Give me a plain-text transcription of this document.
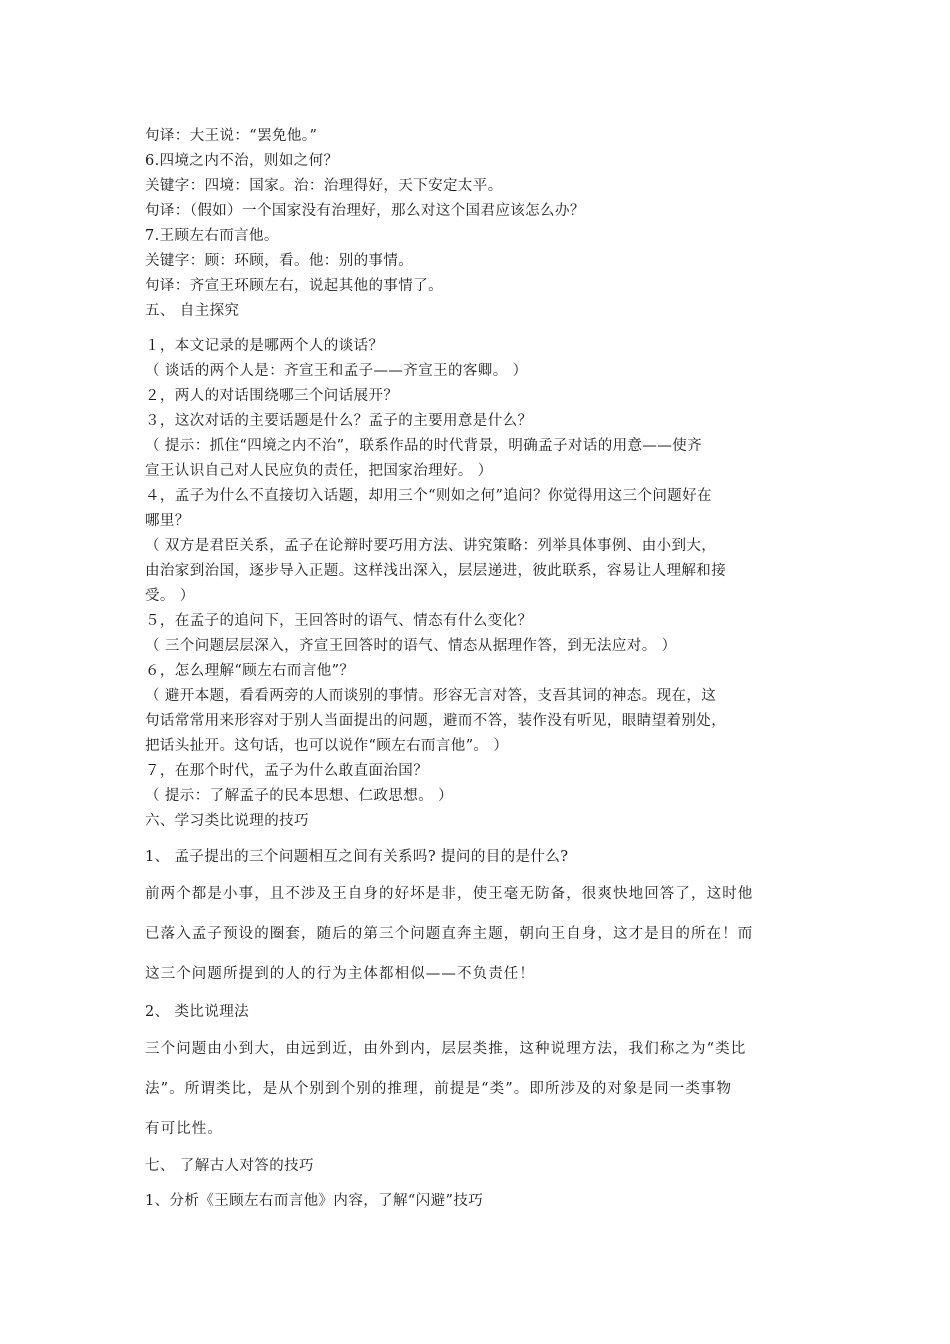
句译：大王说：“罢免他。”

6.四境之内不治，则如之何？

关键字：四境：国家。治：治理得好，天下安定太平。

句译：（假如）一个国家没有治理好，那么对这个国君应该怎么办？

7.王顾左右而言他。

关键字：顾：环顾，看。他：别的事情。

句译：齐宣王环顾左右，说起其他的事情了。

五、 自主探究

１，本文记录的是哪两个人的谈话？

（ 谈话的两个人是：齐宣王和孟子——齐宣王的客卿。 ）

２，两人的对话围绕哪三个问话展开？

３，这次对话的主要话题是什么？孟子的主要用意是什么？

（ 提示：抓住“四境之内不治”，联系作品的时代背景，明确孟子对话的用意——使齐

宣王认识自己对人民应负的责任，把国家治理好。 ）

４，孟子为什么不直接切入话题，却用三个“则如之何”追问？你觉得用这三个问题好在

哪里？

（ 双方是君臣关系，孟子在论辩时要巧用方法、讲究策略：列举具体事例、由小到大，

由治家到治国，逐步导入正题。这样浅出深入，层层递进，彼此联系，容易让人理解和接

受。 ）

５，在孟子的追问下，王回答时的语气、情态有什么变化？

（ 三个问题层层深入，齐宣王回答时的语气、情态从据理作答，到无法应对。 ）

６，怎么理解“顾左右而言他”？

（ 避开本题，看看两旁的人而谈别的事情。形容无言对答，支吾其词的神态。现在，这

句话常常用来形容对于别人当面提出的问题，避而不答，装作没有听见，眼睛望着别处，

把话头扯开。这句话，也可以说作“顾左右而言他”。 ）

７，在那个时代，孟子为什么敢直面治国？

（ 提示：了解孟子的民本思想、仁政思想。 ）

六、学习类比说理的技巧

1、 孟子提出的三个问题相互之间有关系吗? 提问的目的是什么?

前两个都是小事，且不涉及王自身的好坏是非，使王毫无防备，很爽快地回答了，这时他

已落入孟子预设的圈套，随后的第三个问题直奔主题，朝向王自身，这才是目的所在！而

这三个问题所提到的人的行为主体都相似——不负责任！

2、 类比说理法

三个问题由小到大，由远到近，由外到内，层层类推，这种说理方法，我们称之为“类比

法”。所谓类比，是从个别到个别的推理，前提是“类”。即所涉及的对象是同一类事物

有可比性。

七、 了解古人对答的技巧

1、分析《王顾左右而言他》内容，了解“闪避”技巧
